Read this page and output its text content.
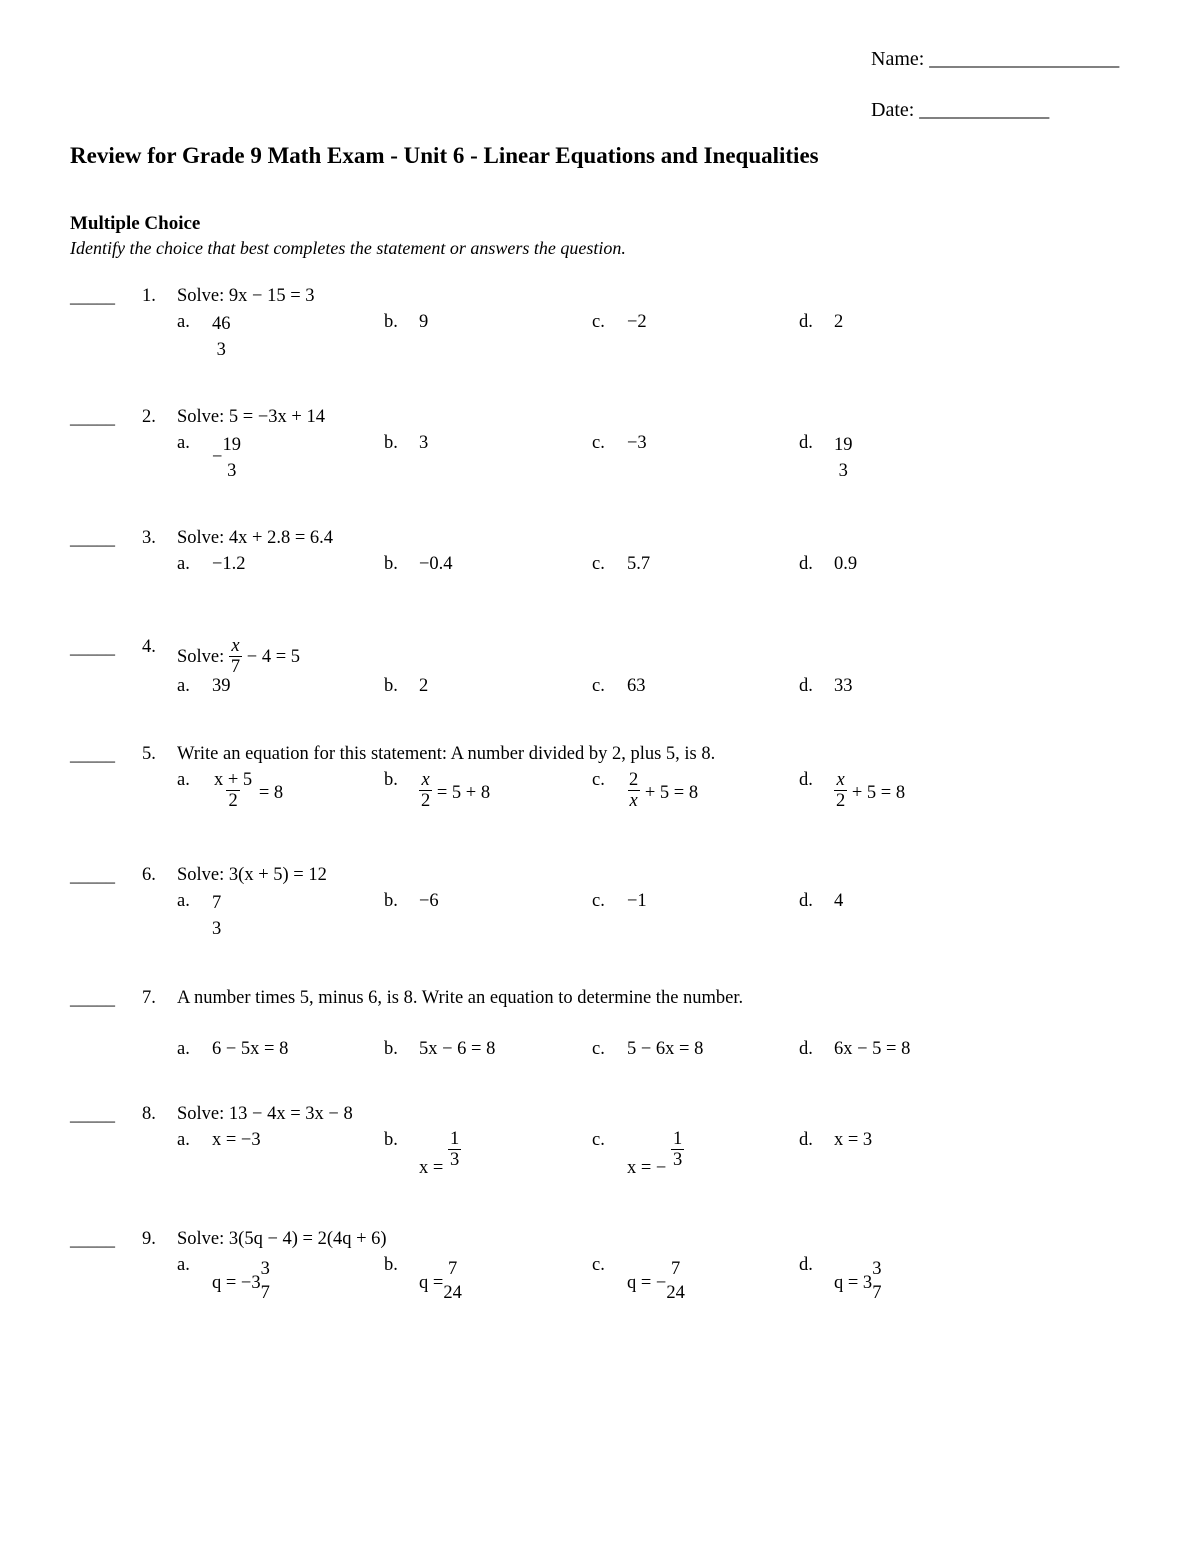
Name: ___________________
Date: _____________
Review for Grade 9 Math Exam - Unit 6 - Linear Equations and Inequalities
Multiple Choice
Identify the choice that best completes the statement or answers the question.
_____ 1. Solve: 9x − 15 = 3
a. 46
3
b. 9	c. −2	d. 2
_____ 2. Solve: 5 = −3x + 14
a.
−
19
3
b. 3	c. −3	d. 19
3
_____ 3. Solve: 4x + 2.8 = 6.4
a. −1.2	b. −0.4	c. 5.7	d. 0.9
_____ 4.
Solve: $\frac{x}{7} - 4 = 5$
a. 39	b. 2	c. 63	d. 33
_____ 5. Write an equation for this statement: A number divided by 2, plus 5, is 8.
a. $\frac{x + 5}{2} = 8$
b. $\frac{x}{2} = 5 + 8$
c. $\frac{2}{x} + 5 = 8$
d. $\frac{x}{2} + 5 = 8$
_____ 6. Solve: 3(x + 5) = 12
a. 7
3
b. −6	c. −1	d. 4
_____ 7. A number times 5, minus 6, is 8. Write an equation to determine the number.
a. 6 − 5x = 8	b. 5x − 6 = 8	c. 5 − 6x = 8	d. 6x − 5 = 8
_____ 8. Solve: 13 − 4x = 3x − 8
a. x = −3	b.
$x = \frac{1}{3}$	c.
x = − $\frac{1}{3}$	d. x = 3
_____ 9. Solve: 3(5q − 4) = 2(4q + 6)
a.
q = −3
3
7
b.
q =
7
24
c.
q = −
7
24
d.
q = 3
3
7
